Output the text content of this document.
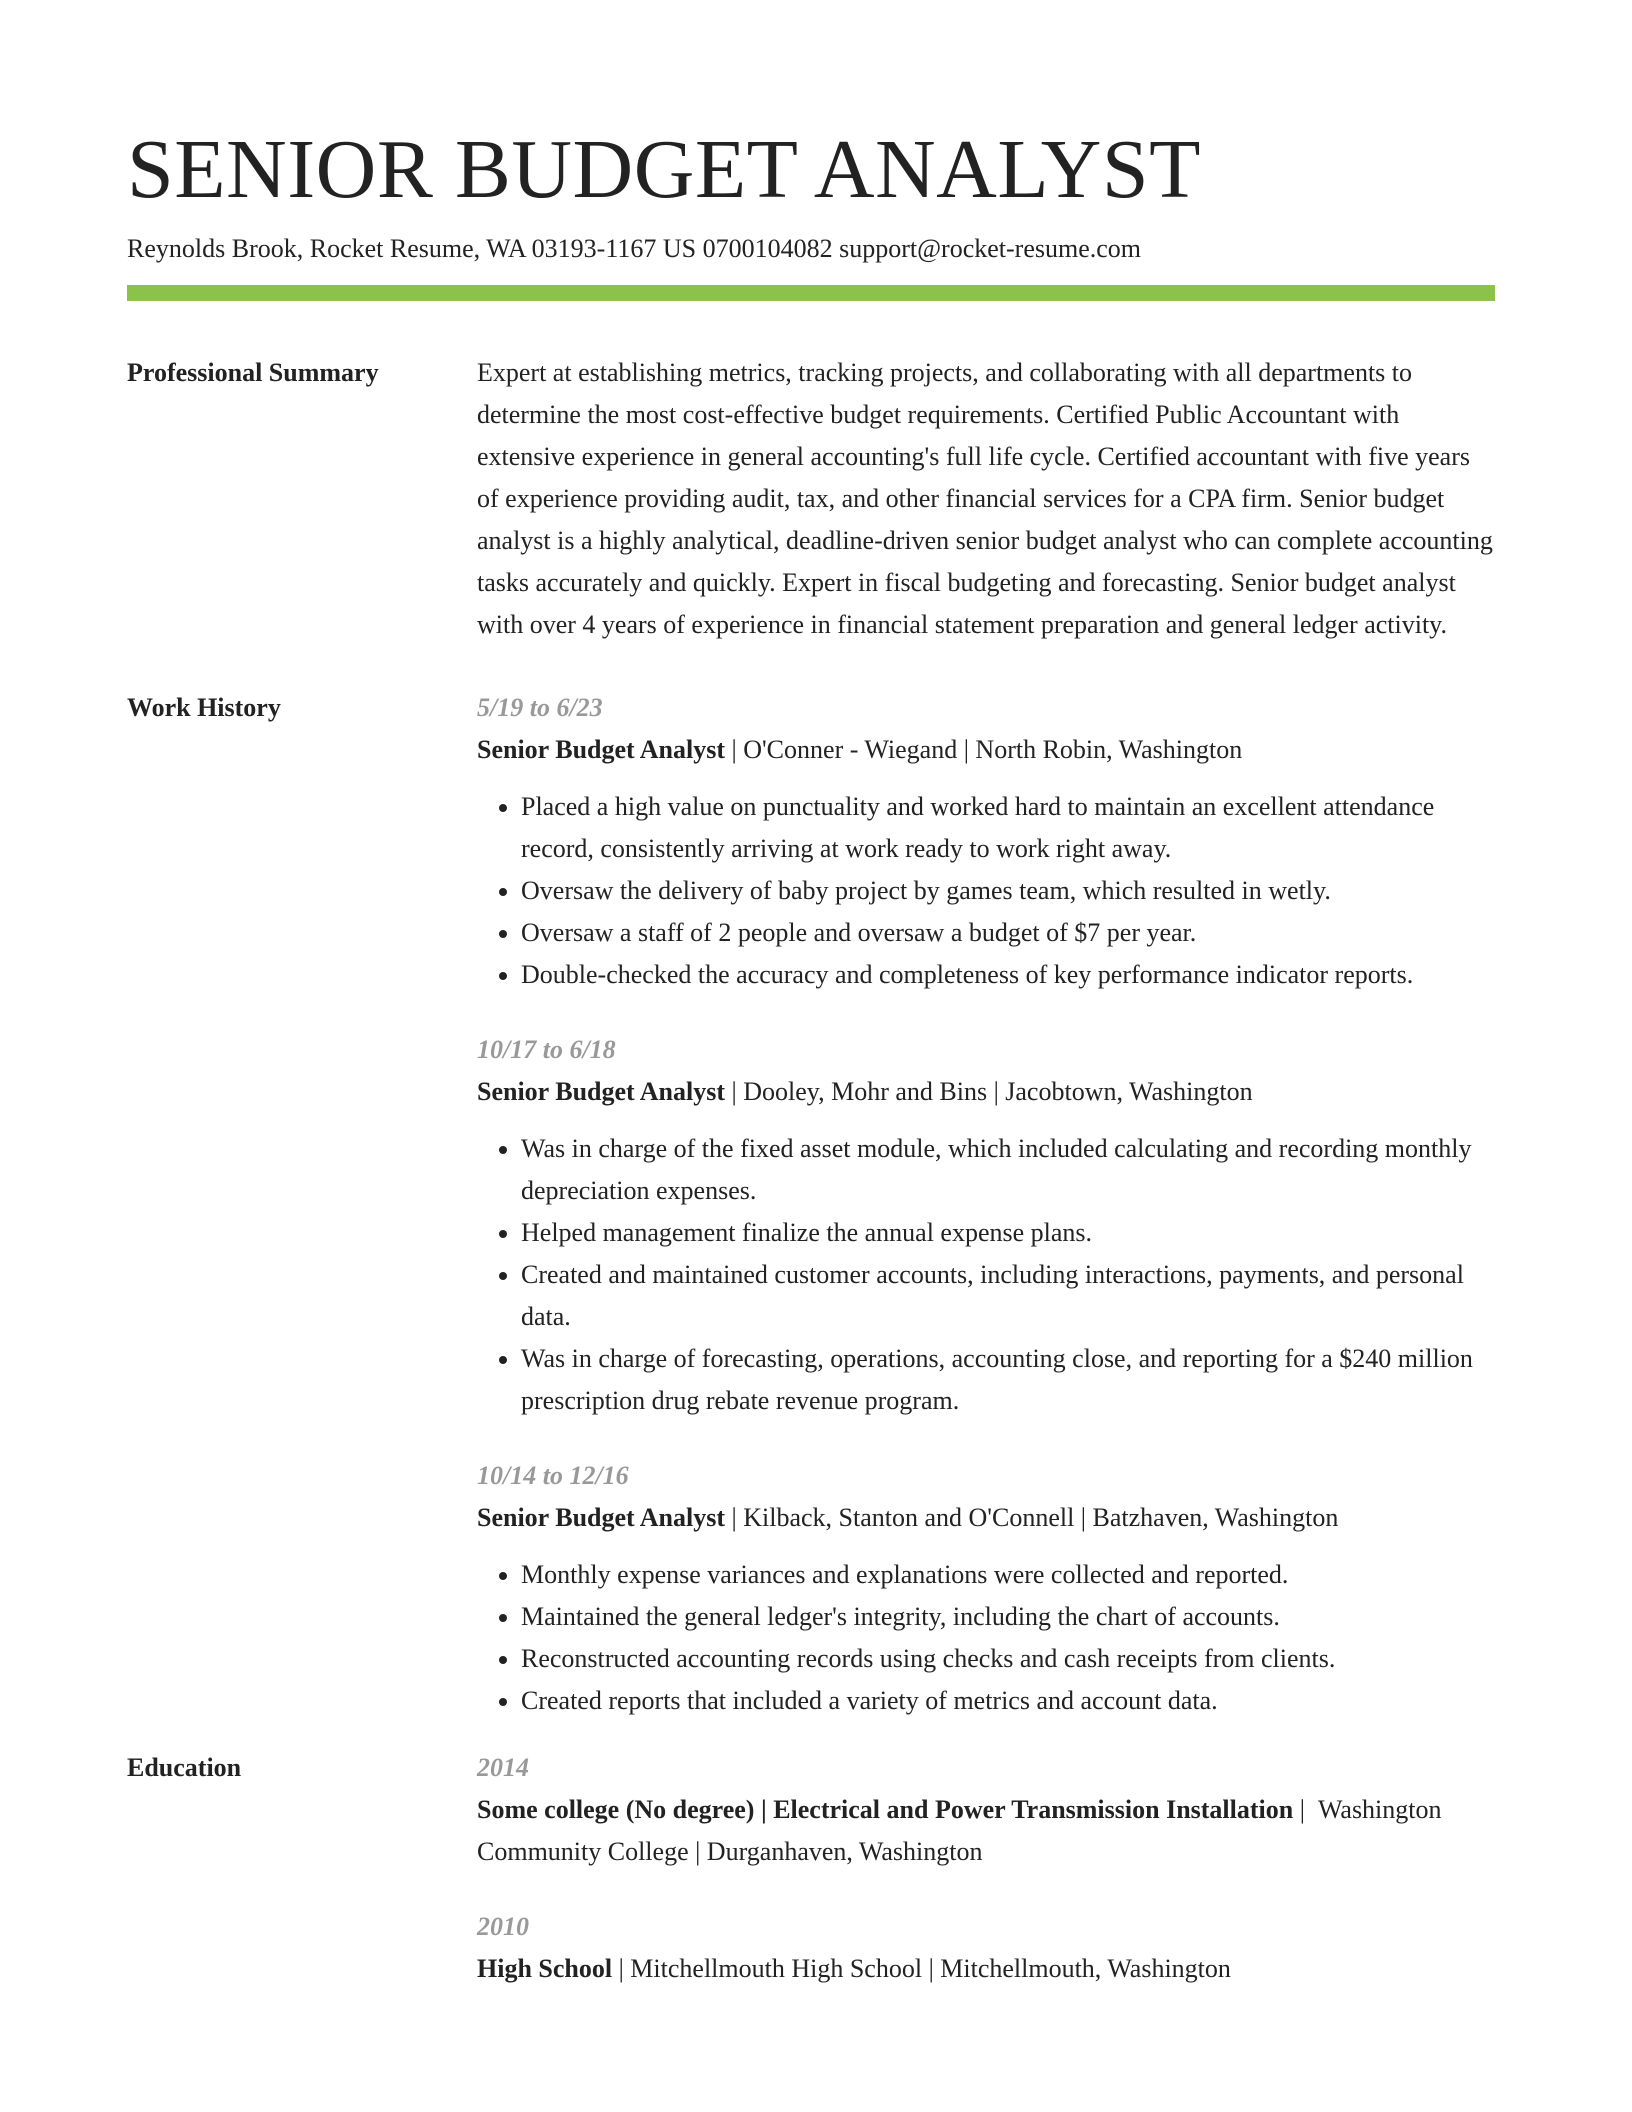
SENIOR BUDGET ANALYST
Reynolds Brook, Rocket Resume, WA 03193-1167 US 0700104082 support@rocket-resume.com
Professional Summary	Expert at establishing metrics, tracking projects, and collaborating with all departments to determine the most cost-effective budget requirements. Certified Public Accountant with extensive experience in general accounting's full life cycle. Certified accountant with five years of experience providing audit, tax, and other financial services for a CPA firm. Senior budget analyst is a highly analytical, deadline-driven senior budget analyst who can complete accounting tasks accurately and quickly. Expert in fiscal budgeting and forecasting. Senior budget analyst with over 4 years of experience in financial statement preparation and general ledger activity.

Work History	5/19 to 6/23
Senior Budget Analyst | O'Conner - Wiegand | North Robin, Washington
• Placed a high value on punctuality and worked hard to maintain an excellent attendance record, consistently arriving at work ready to work right away.
• Oversaw the delivery of baby project by games team, which resulted in wetly.
• Oversaw a staff of 2 people and oversaw a budget of $7 per year.
• Double-checked the accuracy and completeness of key performance indicator reports.
10/17 to 6/18
Senior Budget Analyst | Dooley, Mohr and Bins | Jacobtown, Washington
• Was in charge of the fixed asset module, which included calculating and recording monthly depreciation expenses.
• Helped management finalize the annual expense plans.
• Created and maintained customer accounts, including interactions, payments, and personal data.
• Was in charge of forecasting, operations, accounting close, and reporting for a $240 million prescription drug rebate revenue program.
10/14 to 12/16
Senior Budget Analyst | Kilback, Stanton and O'Connell | Batzhaven, Washington
• Monthly expense variances and explanations were collected and reported.
• Maintained the general ledger's integrity, including the chart of accounts.
• Reconstructed accounting records using checks and cash receipts from clients.
• Created reports that included a variety of metrics and account data.
Education	2014
Some college (No degree) | Electrical and Power Transmission Installation |  Washington Community College | Durganhaven, Washington
2010
High School | Mitchellmouth High School | Mitchellmouth, Washington
